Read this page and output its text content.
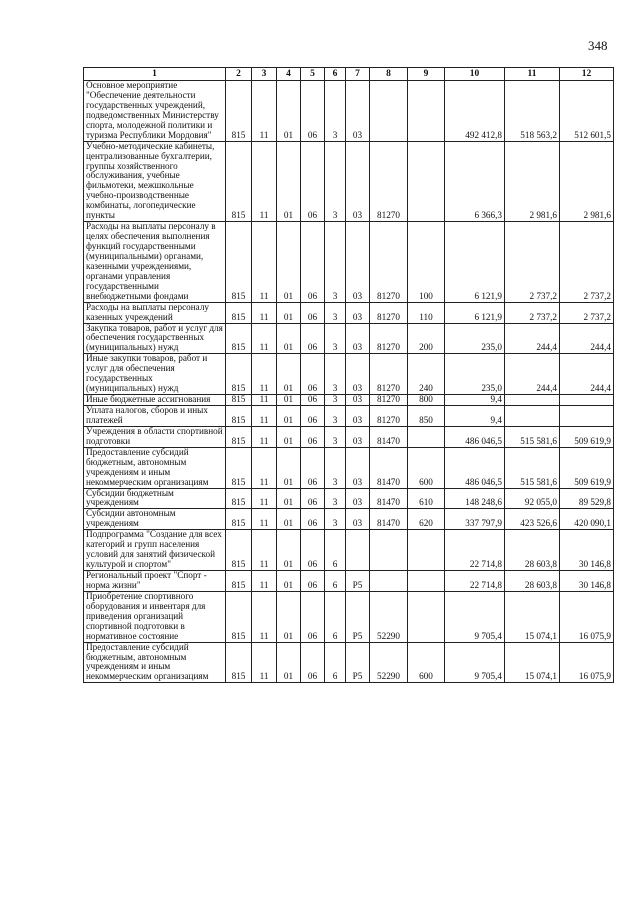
348
1	2	3	4	5	6	7	8	9	10	11	12
Основное мероприятие "Обеспечение деятельности государственных учреждений, подведомственных Министерству спорта, молодежной политики и туризма Республики Мордовия"	815	11	01	06	3	03			492 412,8	518 563,2	512 601,5
Учебно-методические кабинеты, централизованные бухгалтерии, группы хозяйственного обслуживания, учебные фильмотеки, межшкольные учебно-производственные комбинаты, логопедические пункты	815	11	01	06	3	03	81270		6 366,3	2 981,6	2 981,6
Расходы на выплаты персоналу в целях обеспечения выполнения функций государственными (муниципальными) органами, казенными учреждениями, органами управления государственными внебюджетными фондами	815	11	01	06	3	03	81270	100	6 121,9	2 737,2	2 737,2
Расходы на выплаты персоналу казенных учреждений	815	11	01	06	3	03	81270	110	6 121,9	2 737,2	2 737,2
Закупка товаров, работ и услуг для обеспечения государственных (муниципальных) нужд	815	11	01	06	3	03	81270	200	235,0	244,4	244,4
Иные закупки товаров, работ и услуг для обеспечения государственных (муниципальных) нужд	815	11	01	06	3	03	81270	240	235,0	244,4	244,4
Иные бюджетные ассигнования	815	11	01	06	3	03	81270	800	9,4		
Уплата налогов, сборов и иных платежей	815	11	01	06	3	03	81270	850	9,4		
Учреждения в области спортивной подготовки	815	11	01	06	3	03	81470		486 046,5	515 581,6	509 619,9
Предоставление субсидий бюджетным, автономным учреждениям и иным некоммерческим организациям	815	11	01	06	3	03	81470	600	486 046,5	515 581,6	509 619,9
Субсидии бюджетным учреждениям	815	11	01	06	3	03	81470	610	148 248,6	92 055,0	89 529,8
Субсидии автономным учреждениям	815	11	01	06	3	03	81470	620	337 797,9	423 526,6	420 090,1
Подпрограмма "Создание для всех категорий и групп населения условий для занятий физической культурой и спортом"	815	11	01	06	6				22 714,8	28 603,8	30 146,8
Региональный проект "Спорт - норма жизни"	815	11	01	06	6	P5			22 714,8	28 603,8	30 146,8
Приобретение спортивного оборудования и инвентаря для приведения организаций спортивной подготовки в нормативное состояние	815	11	01	06	6	P5	52290		9 705,4	15 074,1	16 075,9
Предоставление субсидий бюджетным, автономным учреждениям и иным некоммерческим организациям	815	11	01	06	6	P5	52290	600	9 705,4	15 074,1	16 075,9
